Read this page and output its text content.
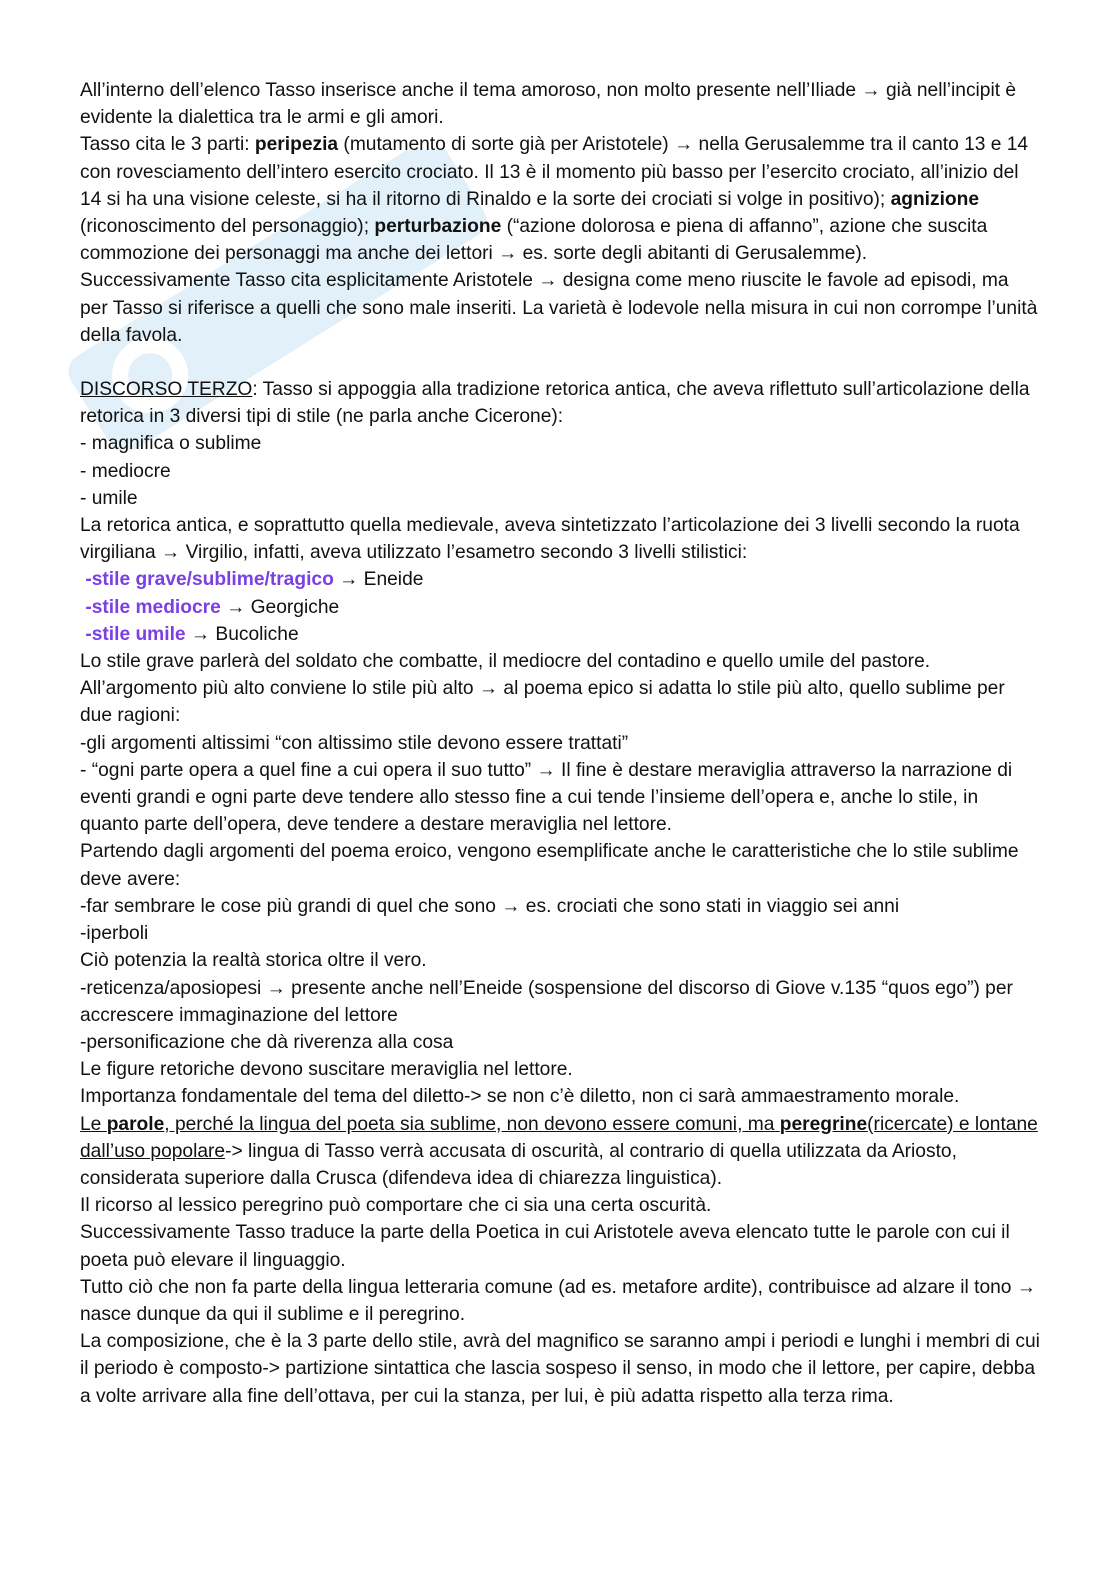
All’interno dell’elenco Tasso inserisce anche il tema amoroso, non molto presente nell’Iliade → già nell’incipit è evidente la dialettica tra le armi e gli amori.

Tasso cita le 3 parti: peripezia (mutamento di sorte già per Aristotele) → nella Gerusalemme tra il canto 13 e 14 con rovesciamento dell’intero esercito crociato. Il 13 è il momento più basso per l’esercito crociato, all’inizio del 14 si ha una visione celeste, si ha il ritorno di Rinaldo e la sorte dei crociati si volge in positivo); agnizione (riconoscimento del personaggio); perturbazione (“azione dolorosa e piena di affanno”, azione che suscita commozione dei personaggi ma anche dei lettori → es. sorte degli abitanti di Gerusalemme).

Successivamente Tasso cita esplicitamente Aristotele → designa come meno riuscite le favole ad episodi, ma per Tasso si riferisce a quelli che sono male inseriti. La varietà è lodevole nella misura in cui non corrompe l’unità della favola.

DISCORSO TERZO: Tasso si appoggia alla tradizione retorica antica, che aveva riflettuto sull’articolazione della retorica in 3 diversi tipi di stile (ne parla anche Cicerone):

- magnifica o sublime

- mediocre

- umile

La retorica antica, e soprattutto quella medievale, aveva sintetizzato l’articolazione dei 3 livelli secondo la ruota virgiliana → Virgilio, infatti, aveva utilizzato l’esametro secondo 3 livelli stilistici:

-stile grave/sublime/tragico → Eneide

-stile mediocre → Georgiche

-stile umile → Bucoliche

Lo stile grave parlerà del soldato che combatte, il mediocre del contadino e quello umile del pastore.

All’argomento più alto conviene lo stile più alto → al poema epico si adatta lo stile più alto, quello sublime per due ragioni:

-gli argomenti altissimi “con altissimo stile devono essere trattati”

- “ogni parte opera a quel fine a cui opera il suo tutto” → Il fine è destare meraviglia attraverso la narrazione di eventi grandi e ogni parte deve tendere allo stesso fine a cui tende l’insieme dell’opera e, anche lo stile, in quanto parte dell’opera, deve tendere a destare meraviglia nel lettore.

Partendo dagli argomenti del poema eroico, vengono esemplificate anche le caratteristiche che lo stile sublime deve avere:

-far sembrare le cose più grandi di quel che sono → es. crociati che sono stati in viaggio sei anni

-iperboli

Ciò potenzia la realtà storica oltre il vero.

-reticenza/aposiopesi → presente anche nell’Eneide (sospensione del discorso di Giove v.135 “quos ego”) per accrescere immaginazione del lettore

-personificazione che dà riverenza alla cosa

Le figure retoriche devono suscitare meraviglia nel lettore.

Importanza fondamentale del tema del diletto-> se non c’è diletto, non ci sarà ammaestramento morale.

Le parole, perché la lingua del poeta sia sublime, non devono essere comuni, ma peregrine(ricercate) e lontane dall’uso popolare-> lingua di Tasso verrà accusata di oscurità, al contrario di quella utilizzata da Ariosto, considerata superiore dalla Crusca (difendeva idea di chiarezza linguistica).

Il ricorso al lessico peregrino può comportare che ci sia una certa oscurità.

Successivamente Tasso traduce la parte della Poetica in cui Aristotele aveva elencato tutte le parole con cui il poeta può elevare il linguaggio.

Tutto ciò che non fa parte della lingua letteraria comune (ad es. metafore ardite), contribuisce ad alzare il tono → nasce dunque da qui il sublime e il peregrino.

La composizione, che è la 3 parte dello stile, avrà del magnifico se saranno ampi i periodi e lunghi i membri di cui il periodo è composto-> partizione sintattica che lascia sospeso il senso, in modo che il lettore, per capire, debba a volte arrivare alla fine dell’ottava, per cui la stanza, per lui, è più adatta rispetto alla terza rima.
